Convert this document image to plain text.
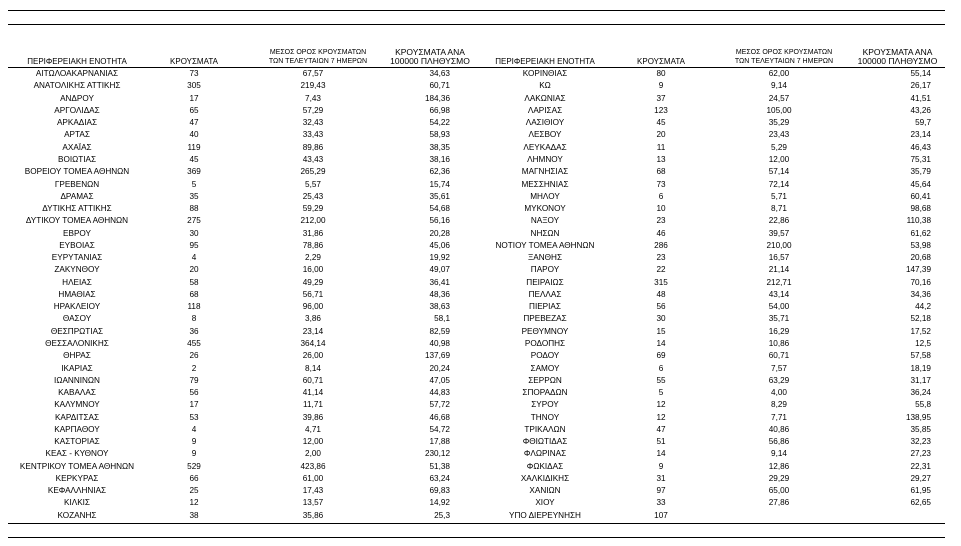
ΠΕΡΙΦΕΡΕΙΑΚΗ ΕΝΟΤΗΤΑ	ΚΡΟΥΣΜΑΤΑ	ΜΕΣΟΣ ΟΡΟΣ ΚΡΟΥΣΜΑΤΩΝ ΤΩΝ ΤΕΛΕΥΤΑΙΩΝ 7 ΗΜΕΡΩΝ	ΚΡΟΥΣΜΑΤΑ ΑΝΑ 100000 ΠΛΗΘΥΣΜΟ	ΠΕΡΙΦΕΡΕΙΑΚΗ ΕΝΟΤΗΤΑ	ΚΡΟΥΣΜΑΤΑ	ΜΕΣΟΣ ΟΡΟΣ ΚΡΟΥΣΜΑΤΩΝ ΤΩΝ ΤΕΛΕΥΤΑΙΩΝ 7 ΗΜΕΡΩΝ	ΚΡΟΥΣΜΑΤΑ ΑΝΑ 100000 ΠΛΗΘΥΣΜΟ
ΑΙΤΩΛΟΑΚΑΡΝΑΝΙΑΣ	73	67,57	34,63	ΚΟΡΙΝΘΙΑΣ	80	62,00	55,14
ΑΝΑΤΟΛΙΚΗΣ ΑΤΤΙΚΗΣ	305	219,43	60,71	ΚΩ	9	9,14	26,17
ΑΝΔΡΟΥ	17	7,43	184,36	ΛΑΚΩΝΙΑΣ	37	24,57	41,51
ΑΡΓΟΛΙΔΑΣ	65	57,29	66,98	ΛΑΡΙΣΑΣ	123	105,00	43,26
ΑΡΚΑΔΙΑΣ	47	32,43	54,22	ΛΑΣΙΘΙΟΥ	45	35,29	59,7
ΑΡΤΑΣ	40	33,43	58,93	ΛΕΣΒΟΥ	20	23,43	23,14
ΑΧΑΪΑΣ	119	89,86	38,35	ΛΕΥΚΑΔΑΣ	11	5,29	46,43
ΒΟΙΩΤΙΑΣ	45	43,43	38,16	ΛΗΜΝΟΥ	13	12,00	75,31
ΒΟΡΕΙΟΥ ΤΟΜΕΑ ΑΘΗΝΩΝ	369	265,29	62,36	ΜΑΓΝΗΣΙΑΣ	68	57,14	35,79
ΓΡΕΒΕΝΩΝ	5	5,57	15,74	ΜΕΣΣΗΝΙΑΣ	73	72,14	45,64
ΔΡΑΜΑΣ	35	25,43	35,61	ΜΗΛΟΥ	6	5,71	60,41
ΔΥΤΙΚΗΣ ΑΤΤΙΚΗΣ	88	59,29	54,68	ΜΥΚΟΝΟΥ	10	8,71	98,68
ΔΥΤΙΚΟΥ ΤΟΜΕΑ ΑΘΗΝΩΝ	275	212,00	56,16	ΝΑΞΟΥ	23	22,86	110,38
ΕΒΡΟΥ	30	31,86	20,28	ΝΗΣΩΝ	46	39,57	61,62
ΕΥΒΟΙΑΣ	95	78,86	45,06	ΝΟΤΙΟΥ ΤΟΜΕΑ ΑΘΗΝΩΝ	286	210,00	53,98
ΕΥΡΥΤΑΝΙΑΣ	4	2,29	19,92	ΞΑΝΘΗΣ	23	16,57	20,68
ΖΑΚΥΝΘΟΥ	20	16,00	49,07	ΠΑΡΟΥ	22	21,14	147,39
ΗΛΕΙΑΣ	58	49,29	36,41	ΠΕΙΡΑΙΩΣ	315	212,71	70,16
ΗΜΑΘΙΑΣ	68	56,71	48,36	ΠΕΛΛΑΣ	48	43,14	34,36
ΗΡΑΚΛΕΙΟΥ	118	96,00	38,63	ΠΙΕΡΙΑΣ	56	54,00	44,2
ΘΑΣΟΥ	8	3,86	58,1	ΠΡΕΒΕΖΑΣ	30	35,71	52,18
ΘΕΣΠΡΩΤΙΑΣ	36	23,14	82,59	ΡΕΘΥΜΝΟΥ	15	16,29	17,52
ΘΕΣΣΑΛΟΝΙΚΗΣ	455	364,14	40,98	ΡΟΔΟΠΗΣ	14	10,86	12,5
ΘΗΡΑΣ	26	26,00	137,69	ΡΟΔΟΥ	69	60,71	57,58
ΙΚΑΡΙΑΣ	2	8,14	20,24	ΣΑΜΟΥ	6	7,57	18,19
ΙΩΑΝΝΙΝΩΝ	79	60,71	47,05	ΣΕΡΡΩΝ	55	63,29	31,17
ΚΑΒΑΛΑΣ	56	41,14	44,83	ΣΠΟΡΑΔΩΝ	5	4,00	36,24
ΚΑΛΥΜΝΟΥ	17	11,71	57,72	ΣΥΡΟΥ	12	8,29	55,8
ΚΑΡΔΙΤΣΑΣ	53	39,86	46,68	ΤΗΝΟΥ	12	7,71	138,95
ΚΑΡΠΑΘΟΥ	4	4,71	54,72	ΤΡΙΚΑΛΩΝ	47	40,86	35,85
ΚΑΣΤΟΡΙΑΣ	9	12,00	17,88	ΦΘΙΩΤΙΔΑΣ	51	56,86	32,23
ΚΕΑΣ - ΚΥΘΝΟΥ	9	2,00	230,12	ΦΛΩΡΙΝΑΣ	14	9,14	27,23
ΚΕΝΤΡΙΚΟΥ ΤΟΜΕΑ ΑΘΗΝΩΝ	529	423,86	51,38	ΦΩΚΙΔΑΣ	9	12,86	22,31
ΚΕΡΚΥΡΑΣ	66	61,00	63,24	ΧΑΛΚΙΔΙΚΗΣ	31	29,29	29,27
ΚΕΦΑΛΛΗΝΙΑΣ	25	17,43	69,83	ΧΑΝΙΩΝ	97	65,00	61,95
ΚΙΛΚΙΣ	12	13,57	14,92	ΧΙΟΥ	33	27,86	62,65
ΚΟΖΑΝΗΣ	38	35,86	25,3	ΥΠΟ ΔΙΕΡΕΥΝΗΣΗ	107		
